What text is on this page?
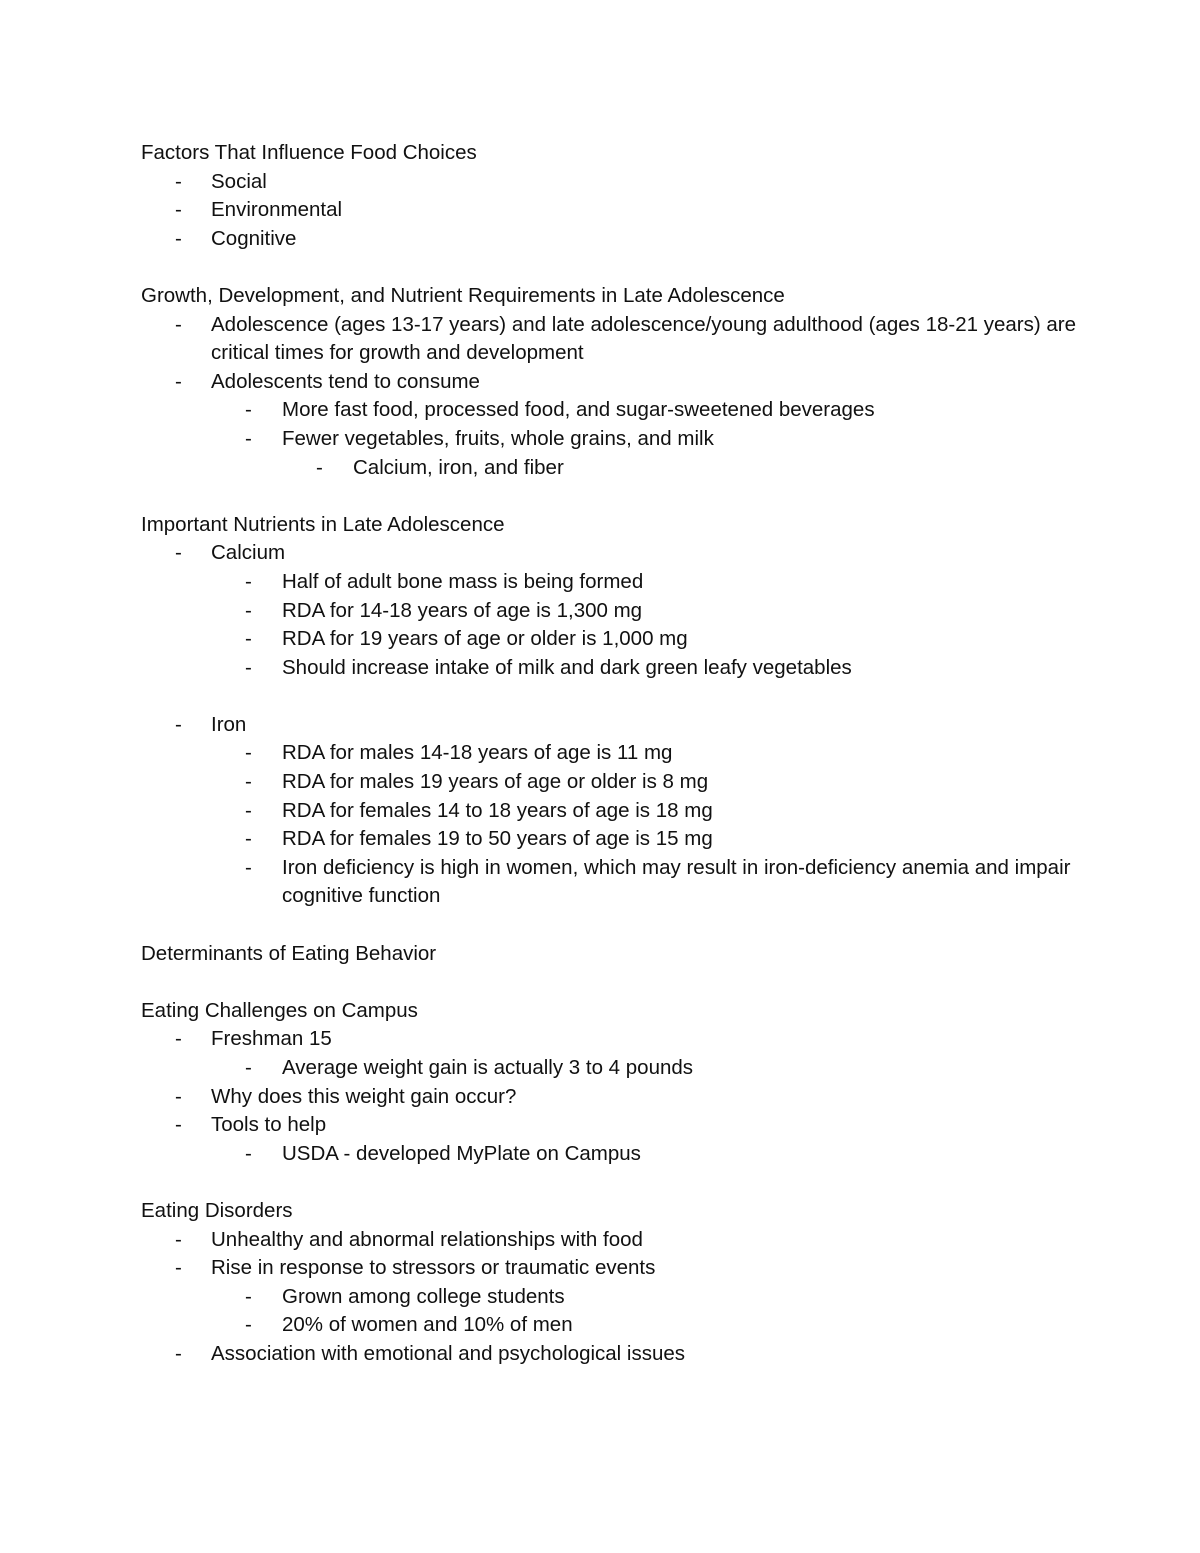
Factors That Influence Food Choices
-	Social
-	Environmental
-	Cognitive
Growth, Development, and Nutrient Requirements in Late Adolescence
-	Adolescence (ages 13-17 years) and late adolescence/young adulthood (ages 18-21 years) are critical times for growth and development
-	Adolescents tend to consume
-	More fast food, processed food, and sugar-sweetened beverages
-	Fewer vegetables, fruits, whole grains, and milk
-	Calcium, iron, and fiber
Important Nutrients in Late Adolescence
-	Calcium
-	Half of adult bone mass is being formed
-	RDA for 14-18 years of age is 1,300 mg
-	RDA for 19 years of age or older is 1,000 mg
-	Should increase intake of milk and dark green leafy vegetables
-	Iron
-	RDA for males 14-18 years of age is 11 mg
-	RDA for males 19 years of age or older is 8 mg
-	RDA for females 14 to 18 years of age is 18 mg
-	RDA for females 19 to 50 years of age is 15 mg
-	Iron deficiency is high in women, which may result in iron-deficiency anemia and impair cognitive function
Determinants of Eating Behavior
Eating Challenges on Campus
-	Freshman 15
-	Average weight gain is actually 3 to 4 pounds
-	Why does this weight gain occur?
-	Tools to help
-	USDA - developed MyPlate on Campus
Eating Disorders
-	Unhealthy and abnormal relationships with food
-	Rise in response to stressors or traumatic events
-	Grown among college students
-	20% of women and 10% of men
-	Association with emotional and psychological issues
